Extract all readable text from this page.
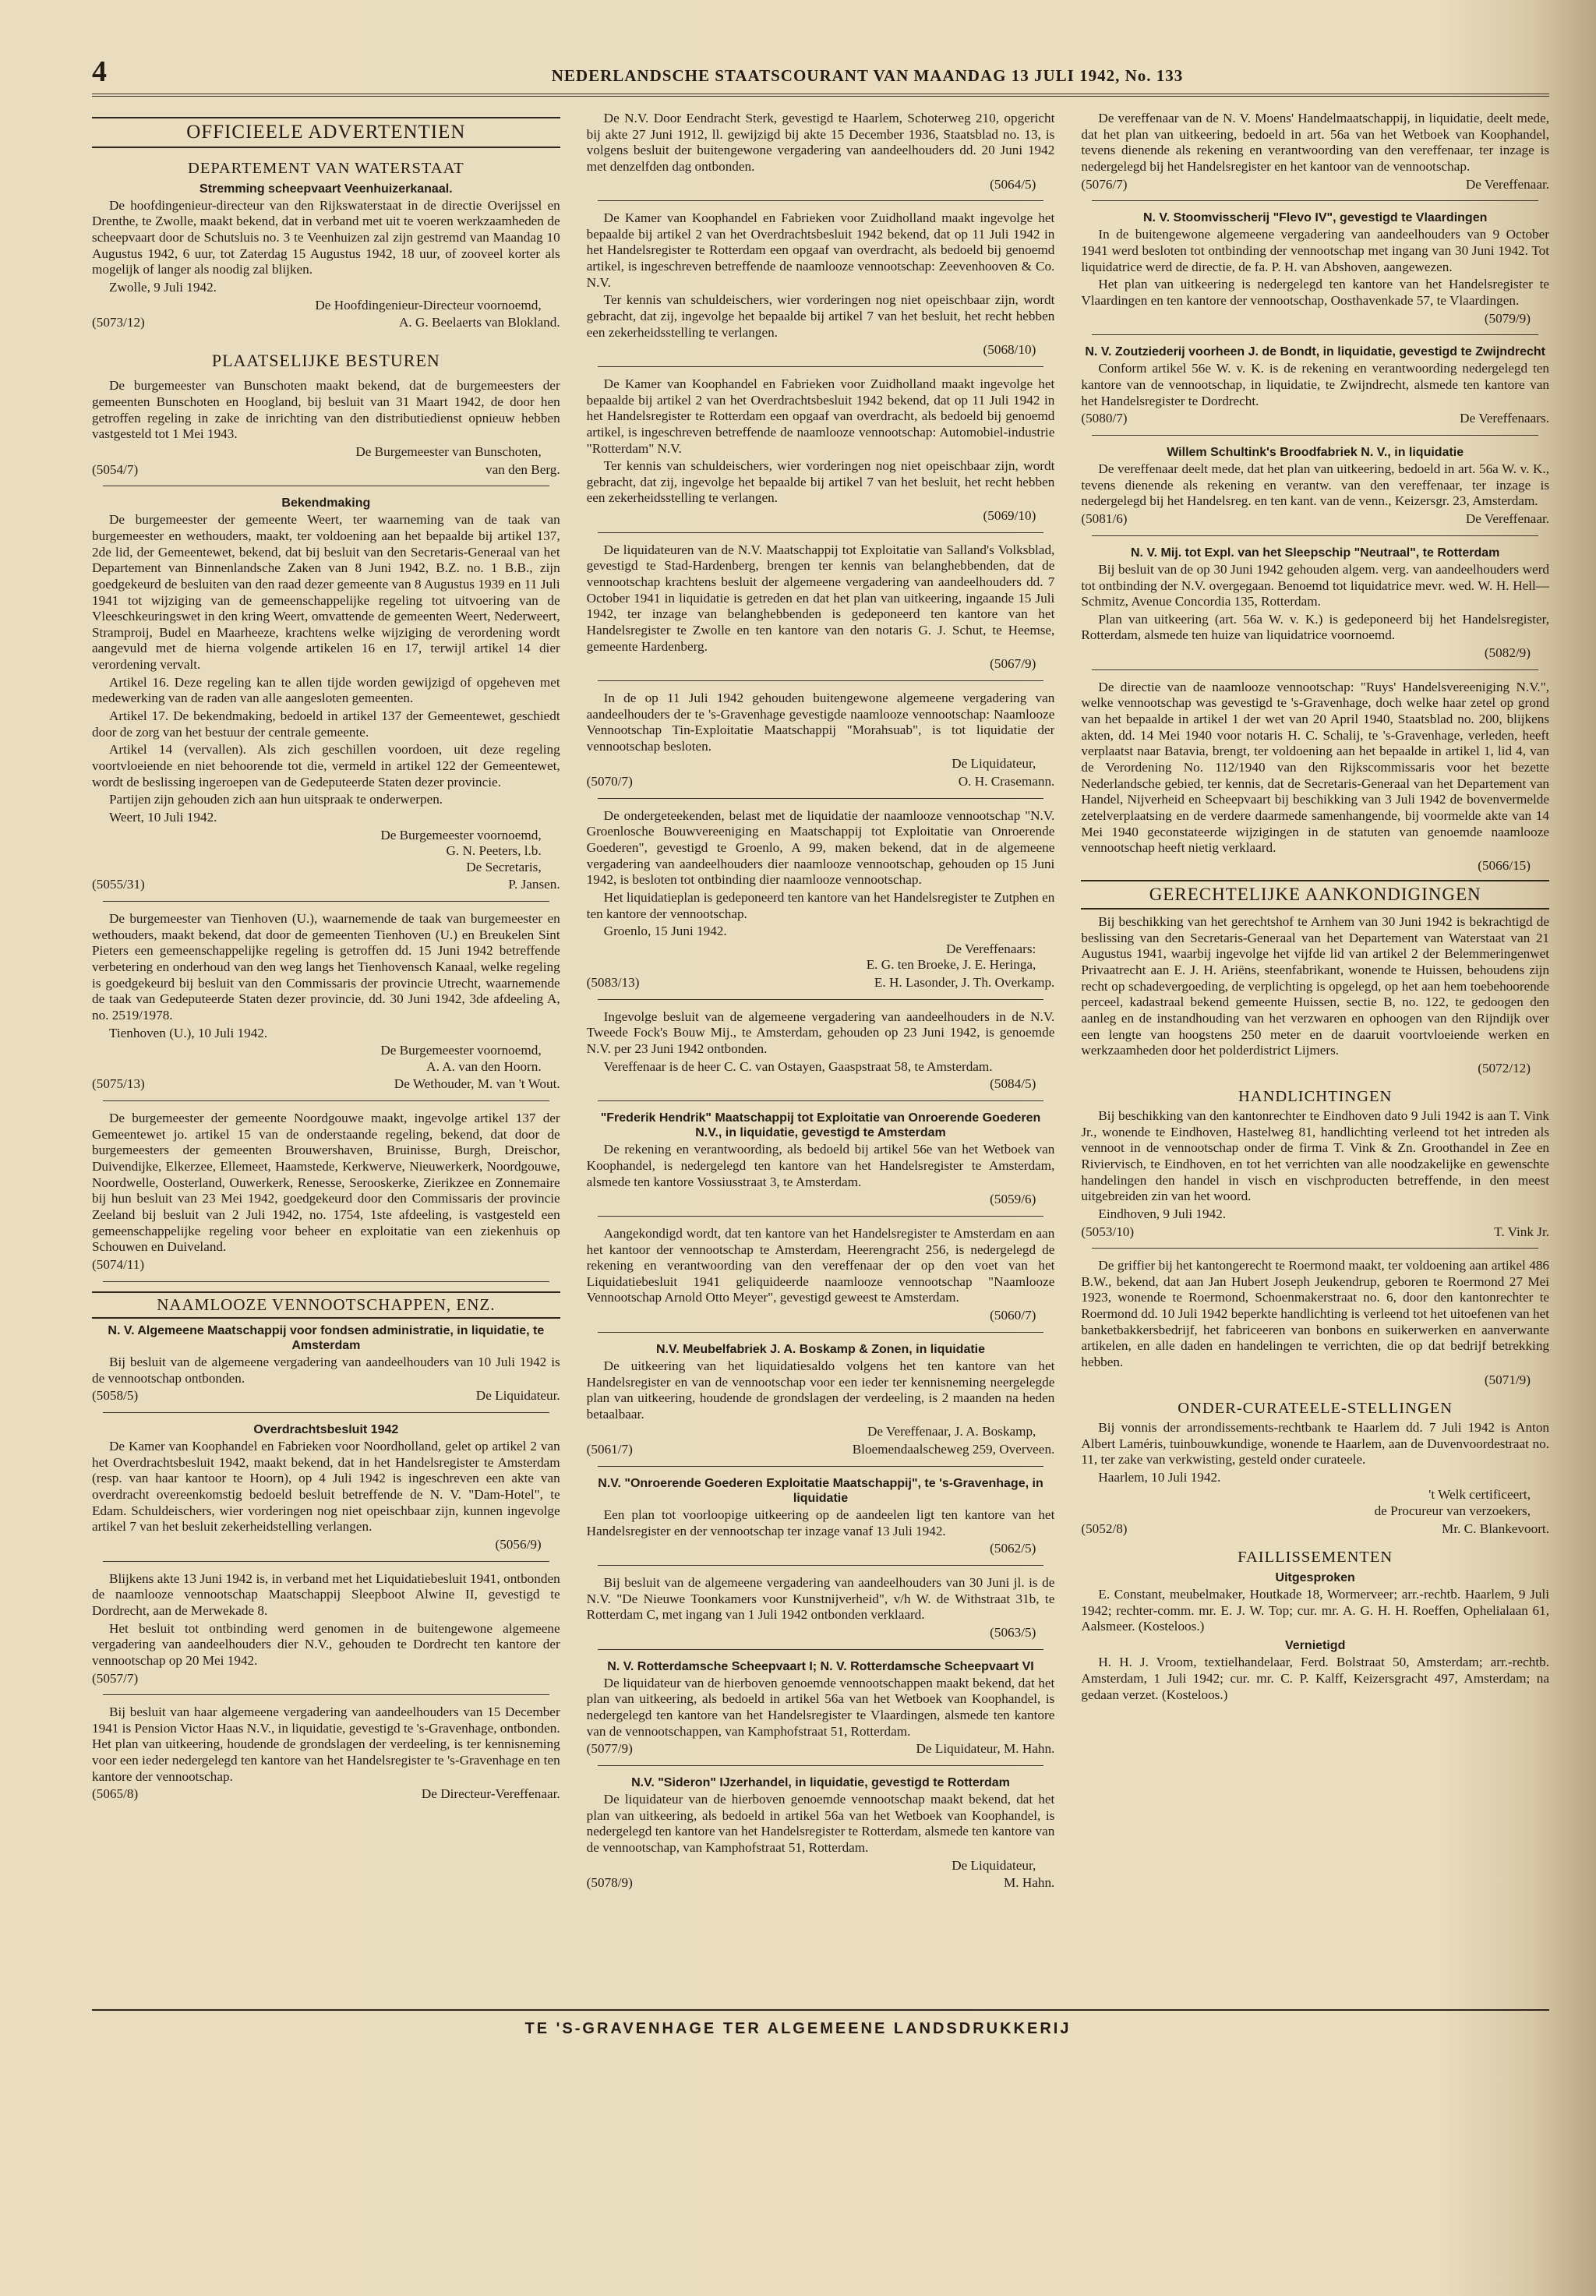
4	NEDERLANDSCHE STAATSCOURANT VAN MAANDAG 13 JULI 1942, No. 133
OFFICIEELE ADVERTENTIEN
DEPARTEMENT VAN WATERSTAAT
Stremming scheepvaart Veenhuizerkanaal.

De hoofdingenieur-directeur van den Rijkswaterstaat in de directie Overijssel en Drenthe, te Zwolle, maakt bekend, dat in verband met uit te voeren werkzaamheden de scheepvaart door de Schutsluis no. 3 te Veenhuizen zal zijn gestremd van Maandag 10 Augustus 1942, 6 uur, tot Zaterdag 15 Augustus 1942, 18 uur, of zooveel korter als mogelijk of langer als noodig zal blijken.

Zwolle, 9 Juli 1942.

De Hoofdingenieur-Directeur voornoemd,
(5073/12)	A. G. Beelaerts van Blokland.
PLAATSELIJKE BESTUREN

De burgemeester van Bunschoten maakt bekend, dat de burgemeesters der gemeenten Bunschoten en Hoogland, bij besluit van 31 Maart 1942, de door hen getroffen regeling in zake de inrichting van den distributiedienst opnieuw hebben vastgesteld tot 1 Mei 1943.

De Burgemeester van Bunschoten,
(5054/7)	van den Berg.
Bekendmaking

De burgemeester der gemeente Weert, ter waarneming van de taak van burgemeester en wethouders, maakt, ter voldoening aan het bepaalde bij artikel 137, 2de lid, der Gemeentewet, bekend, dat bij besluit van den Secretaris-Generaal van het Departement van Binnenlandsche Zaken van 8 Juni 1942, B.Z. no. 1 B.B., zijn goedgekeurd de besluiten van den raad dezer gemeente van 8 Augustus 1939 en 11 Juli 1941 tot wijziging van de gemeenschappelijke regeling tot uitvoering van de Vleeschkeuringswet in den kring Weert, omvattende de gemeenten Weert, Nederweert, Stramproij, Budel en Maarheeze, krachtens welke wijziging de verordening wordt aangevuld met de hierna volgende artikelen 16 en 17, terwijl artikel 14 dier verordening vervalt.

Artikel 16. Deze regeling kan te allen tijde worden gewijzigd of opgeheven met medewerking van de raden van alle aangesloten gemeenten.

Artikel 17. De bekendmaking, bedoeld in artikel 137 der Gemeentewet, geschiedt door de zorg van het bestuur der centrale gemeente.

Artikel 14 (vervallen). Als zich geschillen voordoen, uit deze regeling voortvloeiende en niet behoorende tot die, vermeld in artikel 122 der Gemeentewet, wordt de beslissing ingeroepen van de Gedeputeerde Staten dezer provincie.

Partijen zijn gehouden zich aan hun uitspraak te onderwerpen.

Weert, 10 Juli 1942.

De Burgemeester voornoemd,
G. N. Peeters, l.b.
De Secretaris,
(5055/31)	P. Jansen.

De burgemeester van Tienhoven (U.), waarnemende de taak van burgemeester en wethouders, maakt bekend, dat door de gemeenten Tienhoven (U.) en Breukelen Sint Pieters een gemeenschappelijke regeling is getroffen dd. 15 Juni 1942 betreffende verbetering en onderhoud van den weg langs het Tienhovensch Kanaal, welke regeling is goedgekeurd bij besluit van den Commissaris der provincie Utrecht, waarnemende de taak van Gedeputeerde Staten dezer provincie, dd. 30 Juni 1942, 3de afdeeling A, no. 2519/1978.

Tienhoven (U.), 10 Juli 1942.

De Burgemeester voornoemd,
A. A. van den Hoorn.
(5075/13)	De Wethouder, M. van 't Wout.

De burgemeester der gemeente Noordgouwe maakt, ingevolge artikel 137 der Gemeentewet jo. artikel 15 van de onderstaande regeling, bekend, dat door de burgemeesters der gemeenten Brouwershaven, Bruinisse, Burgh, Dreischor, Duivendijke, Elkerzee, Ellemeet, Haamstede, Kerkwerve, Nieuwerkerk, Noordgouwe, Noordwelle, Oosterland, Ouwerkerk, Renesse, Serooskerke, Zierikzee en Zonnemaire bij hun besluit van 23 Mei 1942, goedgekeurd door den Commissaris der provincie Zeeland bij besluit van 2 Juli 1942, no. 1754, 1ste afdeeling, is vastgesteld een gemeenschappelijke regeling voor beheer en exploitatie van een ziekenhuis op Schouwen en Duiveland.

(5074/11)
NAAMLOOZE VENNOOTSCHAPPEN, ENZ.
N. V. Algemeene Maatschappij voor fondsen administratie, in liquidatie, te Amsterdam

Bij besluit van de algemeene vergadering van aandeelhouders van 10 Juli 1942 is de vennootschap ontbonden.

(5058/5)	De Liquidateur.
Overdrachtsbesluit 1942

De Kamer van Koophandel en Fabrieken voor Noordholland, gelet op artikel 2 van het Overdrachtsbesluit 1942, maakt bekend, dat in het Handelsregister te Amsterdam (resp. van haar kantoor te Hoorn), op 4 Juli 1942 is ingeschreven een akte van overdracht overeenkomstig bedoeld besluit betreffende de N. V. "Dam-Hotel", te Edam. Schuldeischers, wier vorderingen nog niet opeischbaar zijn, kunnen ingevolge artikel 7 van het besluit zekerheidstelling verlangen.

(5056/9)

Blijkens akte 13 Juni 1942 is, in verband met het Liquidatiebesluit 1941, ontbonden de naamlooze vennootschap Maatschappij Sleepboot Alwine II, gevestigd te Dordrecht, aan de Merwekade 8.

Het besluit tot ontbinding werd genomen in de buitengewone algemeene vergadering van aandeelhouders dier N.V., gehouden te Dordrecht ten kantore der vennootschap op 20 Mei 1942.

(5057/7)

Bij besluit van haar algemeene vergadering van aandeelhouders van 15 December 1941 is Pension Victor Haas N.V., in liquidatie, gevestigd te 's-Gravenhage, ontbonden. Het plan van uitkeering, houdende de grondslagen der verdeeling, is ter kennisneming voor een ieder nedergelegd ten kantore van het Handelsregister te 's-Gravenhage en ten kantore der vennootschap.

(5065/8)	De Directeur-Vereffenaar.

De N.V. Door Eendracht Sterk, gevestigd te Haarlem, Schoterweg 210, opgericht bij akte 27 Juni 1912, ll. gewijzigd bij akte 15 December 1936, Staatsblad no. 13, is volgens besluit der buitengewone vergadering van aandeelhouders dd. 20 Juni 1942 met denzelfden dag ontbonden.

(5064/5)

De Kamer van Koophandel en Fabrieken voor Zuidholland maakt ingevolge het bepaalde bij artikel 2 van het Overdrachtsbesluit 1942 bekend, dat op 11 Juli 1942 in het Handelsregister te Rotterdam een opgaaf van overdracht, als bedoeld bij genoemd artikel, is ingeschreven betreffende de naamlooze vennootschap: Zeevenhooven & Co. N.V.

Ter kennis van schuldeischers, wier vorderingen nog niet opeischbaar zijn, wordt gebracht, dat zij, ingevolge het bepaalde bij artikel 7 van het besluit, het recht hebben een zekerheidsstelling te verlangen.

(5068/10)

De Kamer van Koophandel en Fabrieken voor Zuidholland maakt ingevolge het bepaalde bij artikel 2 van het Overdrachtsbesluit 1942 bekend, dat op 11 Juli 1942 in het Handelsregister te Rotterdam een opgaaf van overdracht, als bedoeld bij genoemd artikel, is ingeschreven betreffende de naamlooze vennootschap: Automobiel-industrie "Rotterdam" N.V.

Ter kennis van schuldeischers, wier vorderingen nog niet opeischbaar zijn, wordt gebracht, dat zij, ingevolge het bepaalde bij artikel 7 van het besluit, het recht hebben een zekerheidsstelling te verlangen.

(5069/10)

De liquidateuren van de N.V. Maatschappij tot Exploitatie van Salland's Volksblad, gevestigd te Stad-Hardenberg, brengen ter kennis van belanghebbenden, dat de vennootschap krachtens besluit der algemeene vergadering van aandeelhouders dd. 7 October 1941 in liquidatie is getreden en dat het plan van uitkeering, ingaande 15 Juli 1942, ter inzage van belanghebbenden is gedeponeerd ten kantore van het Handelsregister te Zwolle en ten kantore van den notaris G. J. Schut, te Heemse, gemeente Hardenberg.

(5067/9)

In de op 11 Juli 1942 gehouden buitengewone algemeene vergadering van aandeelhouders der te 's-Gravenhage gevestigde naamlooze vennootschap: Naamlooze Vennootschap Tin-Exploitatie Maatschappij "Morahsuab", is tot liquidatie der vennootschap besloten.

De Liquidateur,
(5070/7)	O. H. Crasemann.

De ondergeteekenden, belast met de liquidatie der naamlooze vennootschap "N.V. Groenlosche Bouwvereeniging en Maatschappij tot Exploitatie van Onroerende Goederen", gevestigd te Groenlo, A 99, maken bekend, dat in de algemeene vergadering van aandeelhouders dier naamlooze vennootschap, gehouden op 15 Juni 1942, is besloten tot ontbinding dier naamlooze vennootschap.

Het liquidatieplan is gedeponeerd ten kantore van het Handelsregister te Zutphen en ten kantore der vennootschap.

Groenlo, 15 Juni 1942.

De Vereffenaars:
E. G. ten Broeke, J. E. Heringa,
(5083/13)	E. H. Lasonder, J. Th. Overkamp.

Ingevolge besluit van de algemeene vergadering van aandeelhouders in de N.V. Tweede Fock's Bouw Mij., te Amsterdam, gehouden op 23 Juni 1942, is genoemde N.V. per 23 Juni 1942 ontbonden.

Vereffenaar is de heer C. C. van Ostayen, Gaaspstraat 58, te Amsterdam.

(5084/5)
"Frederik Hendrik" Maatschappij tot Exploitatie van Onroerende Goederen N.V., in liquidatie, gevestigd te Amsterdam

De rekening en verantwoording, als bedoeld bij artikel 56e van het Wetboek van Koophandel, is nedergelegd ten kantore van het Handelsregister te Amsterdam, alsmede ten kantore Vossiusstraat 3, te Amsterdam.

(5059/6)

Aangekondigd wordt, dat ten kantore van het Handelsregister te Amsterdam en aan het kantoor der vennootschap te Amsterdam, Heerengracht 256, is nedergelegd de rekening en verantwoording van den vereffenaar der op den voet van het Liquidatiebesluit 1941 geliquideerde naamlooze vennootschap "Naamlooze Vennootschap Arnold Otto Meyer", gevestigd geweest te Amsterdam.

(5060/7)
N.V. Meubelfabriek J. A. Boskamp & Zonen, in liquidatie

De uitkeering van het liquidatiesaldo volgens het ten kantore van het Handelsregister en van de vennootschap voor een ieder ter kennisneming neergelegde plan van uitkeering, houdende de grondslagen der verdeeling, is 2 maanden na heden betaalbaar.

De Vereffenaar, J. A. Boskamp,
(5061/7)	Bloemendaalscheweg 259, Overveen.
N.V. "Onroerende Goederen Exploitatie Maatschappij", te 's-Gravenhage, in liquidatie

Een plan tot voorloopige uitkeering op de aandeelen ligt ten kantore van het Handelsregister en der vennootschap ter inzage vanaf 13 Juli 1942.

(5062/5)

Bij besluit van de algemeene vergadering van aandeelhouders van 30 Juni jl. is de N.V. "De Nieuwe Toonkamers voor Kunstnijverheid", v/h W. de Withstraat 31b, te Rotterdam C, met ingang van 1 Juli 1942 ontbonden verklaard.

(5063/5)
N. V. Rotterdamsche Scheepvaart I; N. V. Rotterdamsche Scheepvaart VI

De liquidateur van de hierboven genoemde vennootschappen maakt bekend, dat het plan van uitkeering, als bedoeld in artikel 56a van het Wetboek van Koophandel, is nedergelegd ten kantore van het Handelsregister te Vlaardingen, alsmede ten kantore van de vennootschappen, van Kamphofstraat 51, Rotterdam.

(5077/9)	De Liquidateur, M. Hahn.
N.V. "Sideron" IJzerhandel, in liquidatie, gevestigd te Rotterdam

De liquidateur van de hierboven genoemde vennootschap maakt bekend, dat het plan van uitkeering, als bedoeld in artikel 56a van het Wetboek van Koophandel, is nedergelegd ten kantore van het Handelsregister te Rotterdam, alsmede ten kantore van de vennootschap, van Kamphofstraat 51, Rotterdam.

De Liquidateur,
(5078/9)	M. Hahn.

De vereffenaar van de N. V. Moens' Handelmaatschappij, in liquidatie, deelt mede, dat het plan van uitkeering, bedoeld in art. 56a van het Wetboek van Koophandel, tevens dienende als rekening en verantwoording van den vereffenaar, ter inzage is nedergelegd bij het Handelsregister en het kantoor van de vennootschap.

(5076/7)	De Vereffenaar.
N. V. Stoomvisscherij "Flevo IV", gevestigd te Vlaardingen

In de buitengewone algemeene vergadering van aandeelhouders van 9 October 1941 werd besloten tot ontbinding der vennootschap met ingang van 30 Juni 1942. Tot liquidatrice werd de directie, de fa. P. H. van Abshoven, aangewezen.

Het plan van uitkeering is nedergelegd ten kantore van het Handelsregister te Vlaardingen en ten kantore der vennootschap, Oosthavenkade 57, te Vlaardingen.

(5079/9)
N. V. Zoutziederij voorheen J. de Bondt, in liquidatie, gevestigd te Zwijndrecht

Conform artikel 56e W. v. K. is de rekening en verantwoording nedergelegd ten kantore van de vennootschap, in liquidatie, te Zwijndrecht, alsmede ten kantore van het Handelsregister te Dordrecht.

(5080/7)	De Vereffenaars.
Willem Schultink's Broodfabriek N. V., in liquidatie

De vereffenaar deelt mede, dat het plan van uitkeering, bedoeld in art. 56a W. v. K., tevens dienende als rekening en verantw. van den vereffenaar, ter inzage is nedergelegd bij het Handelsreg. en ten kant. van de venn., Keizersgr. 23, Amsterdam.

(5081/6)	De Vereffenaar.
N. V. Mij. tot Expl. van het Sleepschip "Neutraal", te Rotterdam

Bij besluit van de op 30 Juni 1942 gehouden algem. verg. van aandeelhouders werd tot ontbinding der N.V. overgegaan. Benoemd tot liquidatrice mevr. wed. W. H. Hell—Schmitz, Avenue Concordia 135, Rotterdam.

Plan van uitkeering (art. 56a W. v. K.) is gedeponeerd bij het Handelsregister, Rotterdam, alsmede ten huize van liquidatrice voornoemd.

(5082/9)

De directie van de naamlooze vennootschap: "Ruys' Handelsvereeniging N.V.", welke vennootschap was gevestigd te 's-Gravenhage, doch welke haar zetel op grond van het bepaalde in artikel 1 der wet van 20 April 1940, Staatsblad no. 200, blijkens akten, dd. 14 Mei 1940 voor notaris H. C. Schalij, te 's-Gravenhage, verleden, heeft verplaatst naar Batavia, brengt, ter voldoening aan het bepaalde in artikel 1, lid 4, van de Verordening No. 112/1940 van den Rijkscommissaris voor het bezette Nederlandsche gebied, ter kennis, dat de Secretaris-Generaal van het Departement van Handel, Nijverheid en Scheepvaart bij beschikking van 3 Juli 1942 de bovenvermelde zetelverplaatsing en de verdere daarmede samenhangende, bij voormelde akte van 14 Mei 1940 geconstateerde wijzigingen in de statuten van genoemde naamlooze vennootschap heeft nietig verklaard.

(5066/15)
GERECHTELIJKE AANKONDIGINGEN

Bij beschikking van het gerechtshof te Arnhem van 30 Juni 1942 is bekrachtigd de beslissing van den Secretaris-Generaal van het Departement van Waterstaat van 21 Augustus 1941, waarbij ingevolge het vijfde lid van artikel 2 der Belemmeringenwet Privaatrecht aan E. J. H. Ariëns, steenfabrikant, wonende te Huissen, behoudens zijn recht op schadevergoeding, de verplichting is opgelegd, op het aan hem toebehoorende perceel, kadastraal bekend gemeente Huissen, sectie B, no. 122, te gedoogen den aanleg en de instandhouding van het verzwaren en ophoogen van den Rijndijk over een lengte van hoogstens 250 meter en de daaruit voortvloeiende werken en werkzaamheden door het polderdistrict Lijmers.

(5072/12)
HANDLICHTINGEN

Bij beschikking van den kantonrechter te Eindhoven dato 9 Juli 1942 is aan T. Vink Jr., wonende te Eindhoven, Hastelweg 81, handlichting verleend tot het intreden als vennoot in de vennootschap onder de firma T. Vink & Zn. Groothandel in Zee en Riviervisch, te Eindhoven, en tot het verrichten van alle noodzakelijke en gewenschte handelingen den handel in visch en vischproducten betreffende, in den meest uitgebreiden zin van het woord.

Eindhoven, 9 Juli 1942.

(5053/10)	T. Vink Jr.

De griffier bij het kantongerecht te Roermond maakt, ter voldoening aan artikel 486 B.W., bekend, dat aan Jan Hubert Joseph Jeukendrup, geboren te Roermond 27 Mei 1923, wonende te Roermond, Schoenmakerstraat no. 6, door den kantonrechter te Roermond dd. 10 Juli 1942 beperkte handlichting is verleend tot het uitoefenen van het banketbakkersbedrijf, het fabriceeren van bonbons en suikerwerken en aanverwante artikelen, en alle daden en handelingen te verrichten, die op dat bedrijf betrekking hebben.

(5071/9)
ONDER-CURATEELE-STELLINGEN

Bij vonnis der arrondissements-rechtbank te Haarlem dd. 7 Juli 1942 is Anton Albert Laméris, tuinbouwkundige, wonende te Haarlem, aan de Duvenvoordestraat no. 11, ter zake van verkwisting, gesteld onder curateele.

Haarlem, 10 Juli 1942.

't Welk certificeert,
de Procureur van verzoekers,
(5052/8)	Mr. C. Blankevoort.
FAILLISSEMENTEN
Uitgesproken

E. Constant, meubelmaker, Houtkade 18, Wormerveer; arr.-rechtb. Haarlem, 9 Juli 1942; rechter-comm. mr. E. J. W. Top; cur. mr. A. G. H. H. Roeffen, Ophelialaan 61, Aalsmeer. (Kosteloos.)

Vernietigd

H. H. J. Vroom, textielhandelaar, Ferd. Bolstraat 50, Amsterdam; arr.-rechtb. Amsterdam, 1 Juli 1942; cur. mr. C. P. Kalff, Keizersgracht 497, Amsterdam; na gedaan verzet. (Kosteloos.)

TE 'S-GRAVENHAGE TER ALGEMEENE LANDSDRUKKERIJ
